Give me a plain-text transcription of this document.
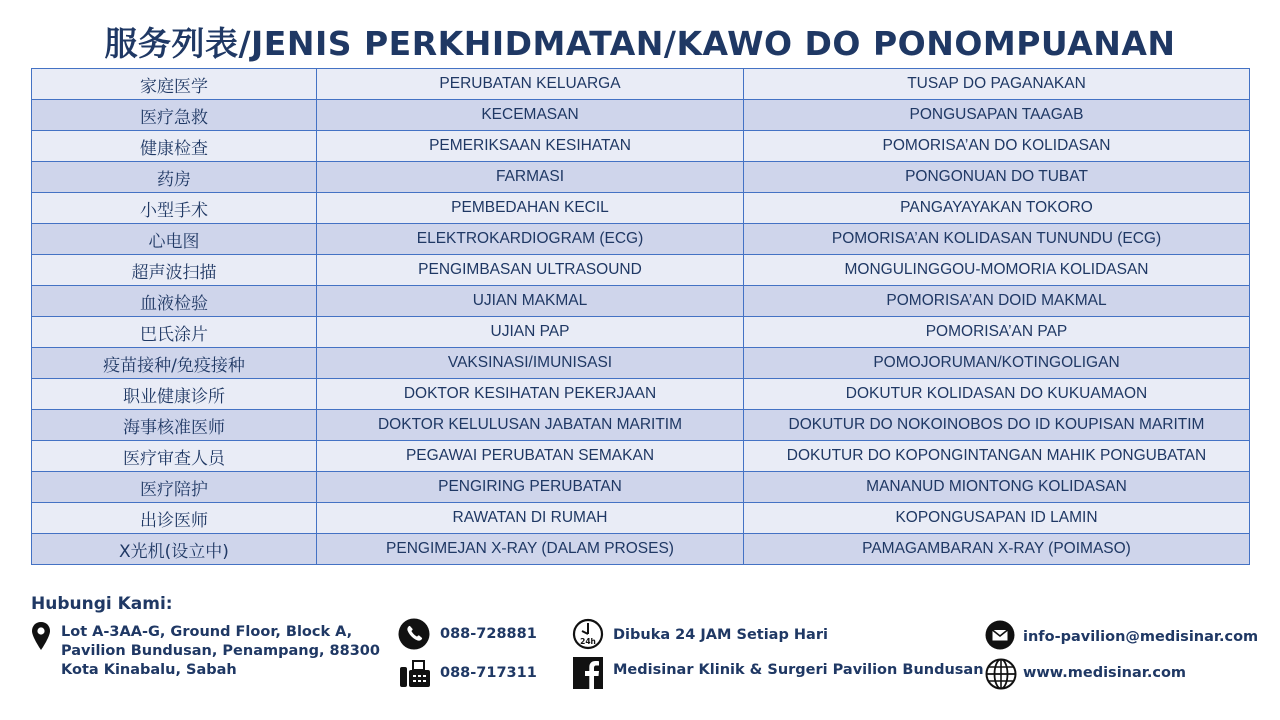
服务列表/JENIS PERKHIDMATAN/KAWO DO PONOMPUANAN
家庭医学	PERUBATAN KELUARGA	TUSAP DO PAGANAKAN
医疗急救	KECEMASAN	PONGUSAPAN TAAGAB
健康检查	PEMERIKSAAN KESIHATAN	POMORISA’AN DO KOLIDASAN
药房	FARMASI	PONGONUAN DO TUBAT
小型手术	PEMBEDAHAN KECIL	PANGAYAYAKAN TOKORO
心电图	ELEKTROKARDIOGRAM (ECG)	POMORISA’AN KOLIDASAN TUNUNDU (ECG)
超声波扫描	PENGIMBASAN ULTRASOUND	MONGULINGGOU-MOMORIA KOLIDASAN
血液检验	UJIAN MAKMAL	POMORISA’AN DOID MAKMAL
巴氏涂片	UJIAN PAP	POMORISA’AN PAP
疫苗接种/免疫接种	VAKSINASI/IMUNISASI	POMOJORUMAN/KOTINGOLIGAN
职业健康诊所	DOKTOR KESIHATAN PEKERJAAN	DOKUTUR KOLIDASAN DO KUKUAMAON
海事核准医师	DOKTOR KELULUSAN JABATAN MARITIM	DOKUTUR DO NOKOINOBOS DO ID KOUPISAN MARITIM
医疗审查人员	PEGAWAI PERUBATAN SEMAKAN	DOKUTUR DO KOPONGINTANGAN MAHIK PONGUBATAN
医疗陪护	PENGIRING PERUBATAN	MANANUD MIONTONG KOLIDASAN
出诊医师	RAWATAN DI RUMAH	KOPONGUSAPAN ID LAMIN
X光机(设立中)	PENGIMEJAN X-RAY (DALAM PROSES)	PAMAGAMBARAN X-RAY (POIMASO)
Hubungi Kami:
Lot A-3AA-G, Ground Floor, Block A,
Pavilion Bundusan, Penampang, 88300
Kota Kinabalu, Sabah
088-728881
088-717311
24h Dibuka 24 JAM Setiap Hari
Medisinar Klinik & Surgeri Pavilion Bundusan
info-pavilion@medisinar.com
www.medisinar.com
